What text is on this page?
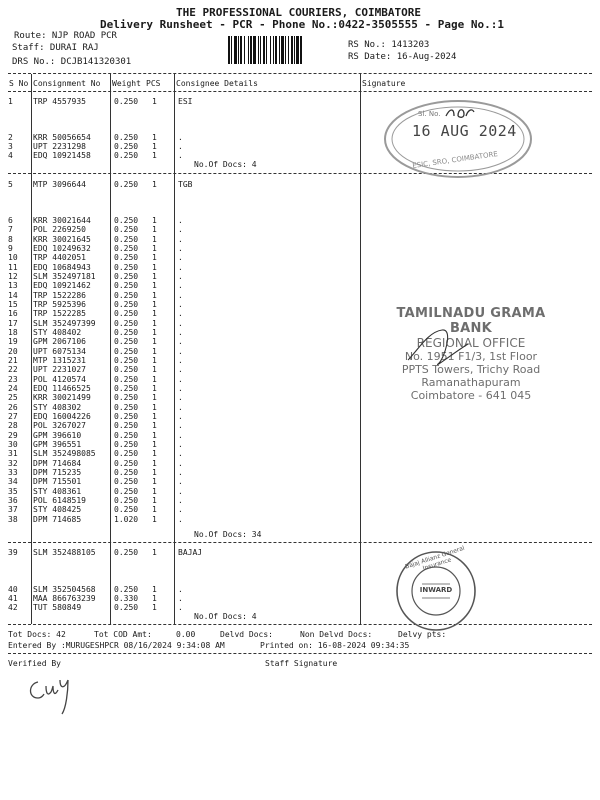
THE PROFESSIONAL COURIERS, COIMBATORE
Delivery Runsheet - PCR - Phone No.:0422-3505555 - Page No.:1
Route: NJP ROAD PCR
Staff: DURAI RAJ
DRS No.: DCJB141320301
RS No.: 1413203
RS Date: 16-Aug-2024
S No Consignment No Weight PCS Consignee Details	Signature
1	TRP 4557935	0.250 1	ESI
2	KRR 50056654	0.250 1	.
3	UPT 2231298	0.250 1	.
4	EDQ 10921458	0.250 1	.
No.Of Docs: 4
5	MTP 3096644	0.250 1	TGB
6	KRR 30021644	0.250 1	.
7	POL 2269250	0.250 1	.
8	KRR 30021645	0.250 1	.
9	EDQ 10249632	0.250 1	.
10 TRP 4402051	0.250 1	.
11 EDQ 10684943	0.250 1	.
12 SLM 352497181 0.250 1	.
13 EDQ 10921462	0.250 1	.
14 TRP 1522286	0.250 1	.
15 TRP 5925396	0.250 1	.
16 TRP 1522285	0.250 1	.
17 SLM 352497399 0.250 1	.
18 STY 408402	0.250 1	.
19 GPM 2067106	0.250 1	.
20 UPT 6075134	0.250 1	.
21 MTP 1315231	0.250 1	.
22 UPT 2231027	0.250 1	.
23 POL 4120574	0.250 1	.
24 EDQ 11466525	0.250 1	.
25 KRR 30021499	0.250 1	.
26 STY 408302	0.250 1	.
27 EDQ 16004226	0.250 1	.
28 POL 3267027	0.250 1	.
29 GPM 396610	0.250 1	.
30 GPM 396551	0.250 1	.
31 SLM 352498085 0.250 1	.
32 DPM 714684	0.250 1	.
33 DPM 715235	0.250 1	.
34 DPM 715501	0.250 1	.
35 STY 408361	0.250 1	.
36 POL 6148519	0.250 1	.
37 STY 408425	0.250 1	.
38 DPM 714685	1.020 1	.
No.Of Docs: 34
39 SLM 352488105 0.250 1	BAJAJ
40 SLM 352504568 0.250 1	.
41 MAA 866763239 0.330 1	.
42 TUT 580849	0.250 1	.
No.Of Docs: 4
Tot Docs: 42	Tot COD Amt:	0.00	Delvd Docs:	Non Delvd Docs:	Delvy pts:
Entered By :MURUGESHPCR 08/16/2024 9:34:08 AM	Printed on: 16-08-2024 09:34:35
Verified By	Staff Signature
Sl. No.
16 AUG 2024
ESIC, SRO, COIMBATORE
TAMILNADU GRAMA BANK
REGIONAL OFFICE
No. 1951 F1/3, 1st Floor
PPTS Towers, Trichy Road
Ramanathapuram
Coimbatore - 641 045
Bajaj Allianz General Insurance
INWARD
